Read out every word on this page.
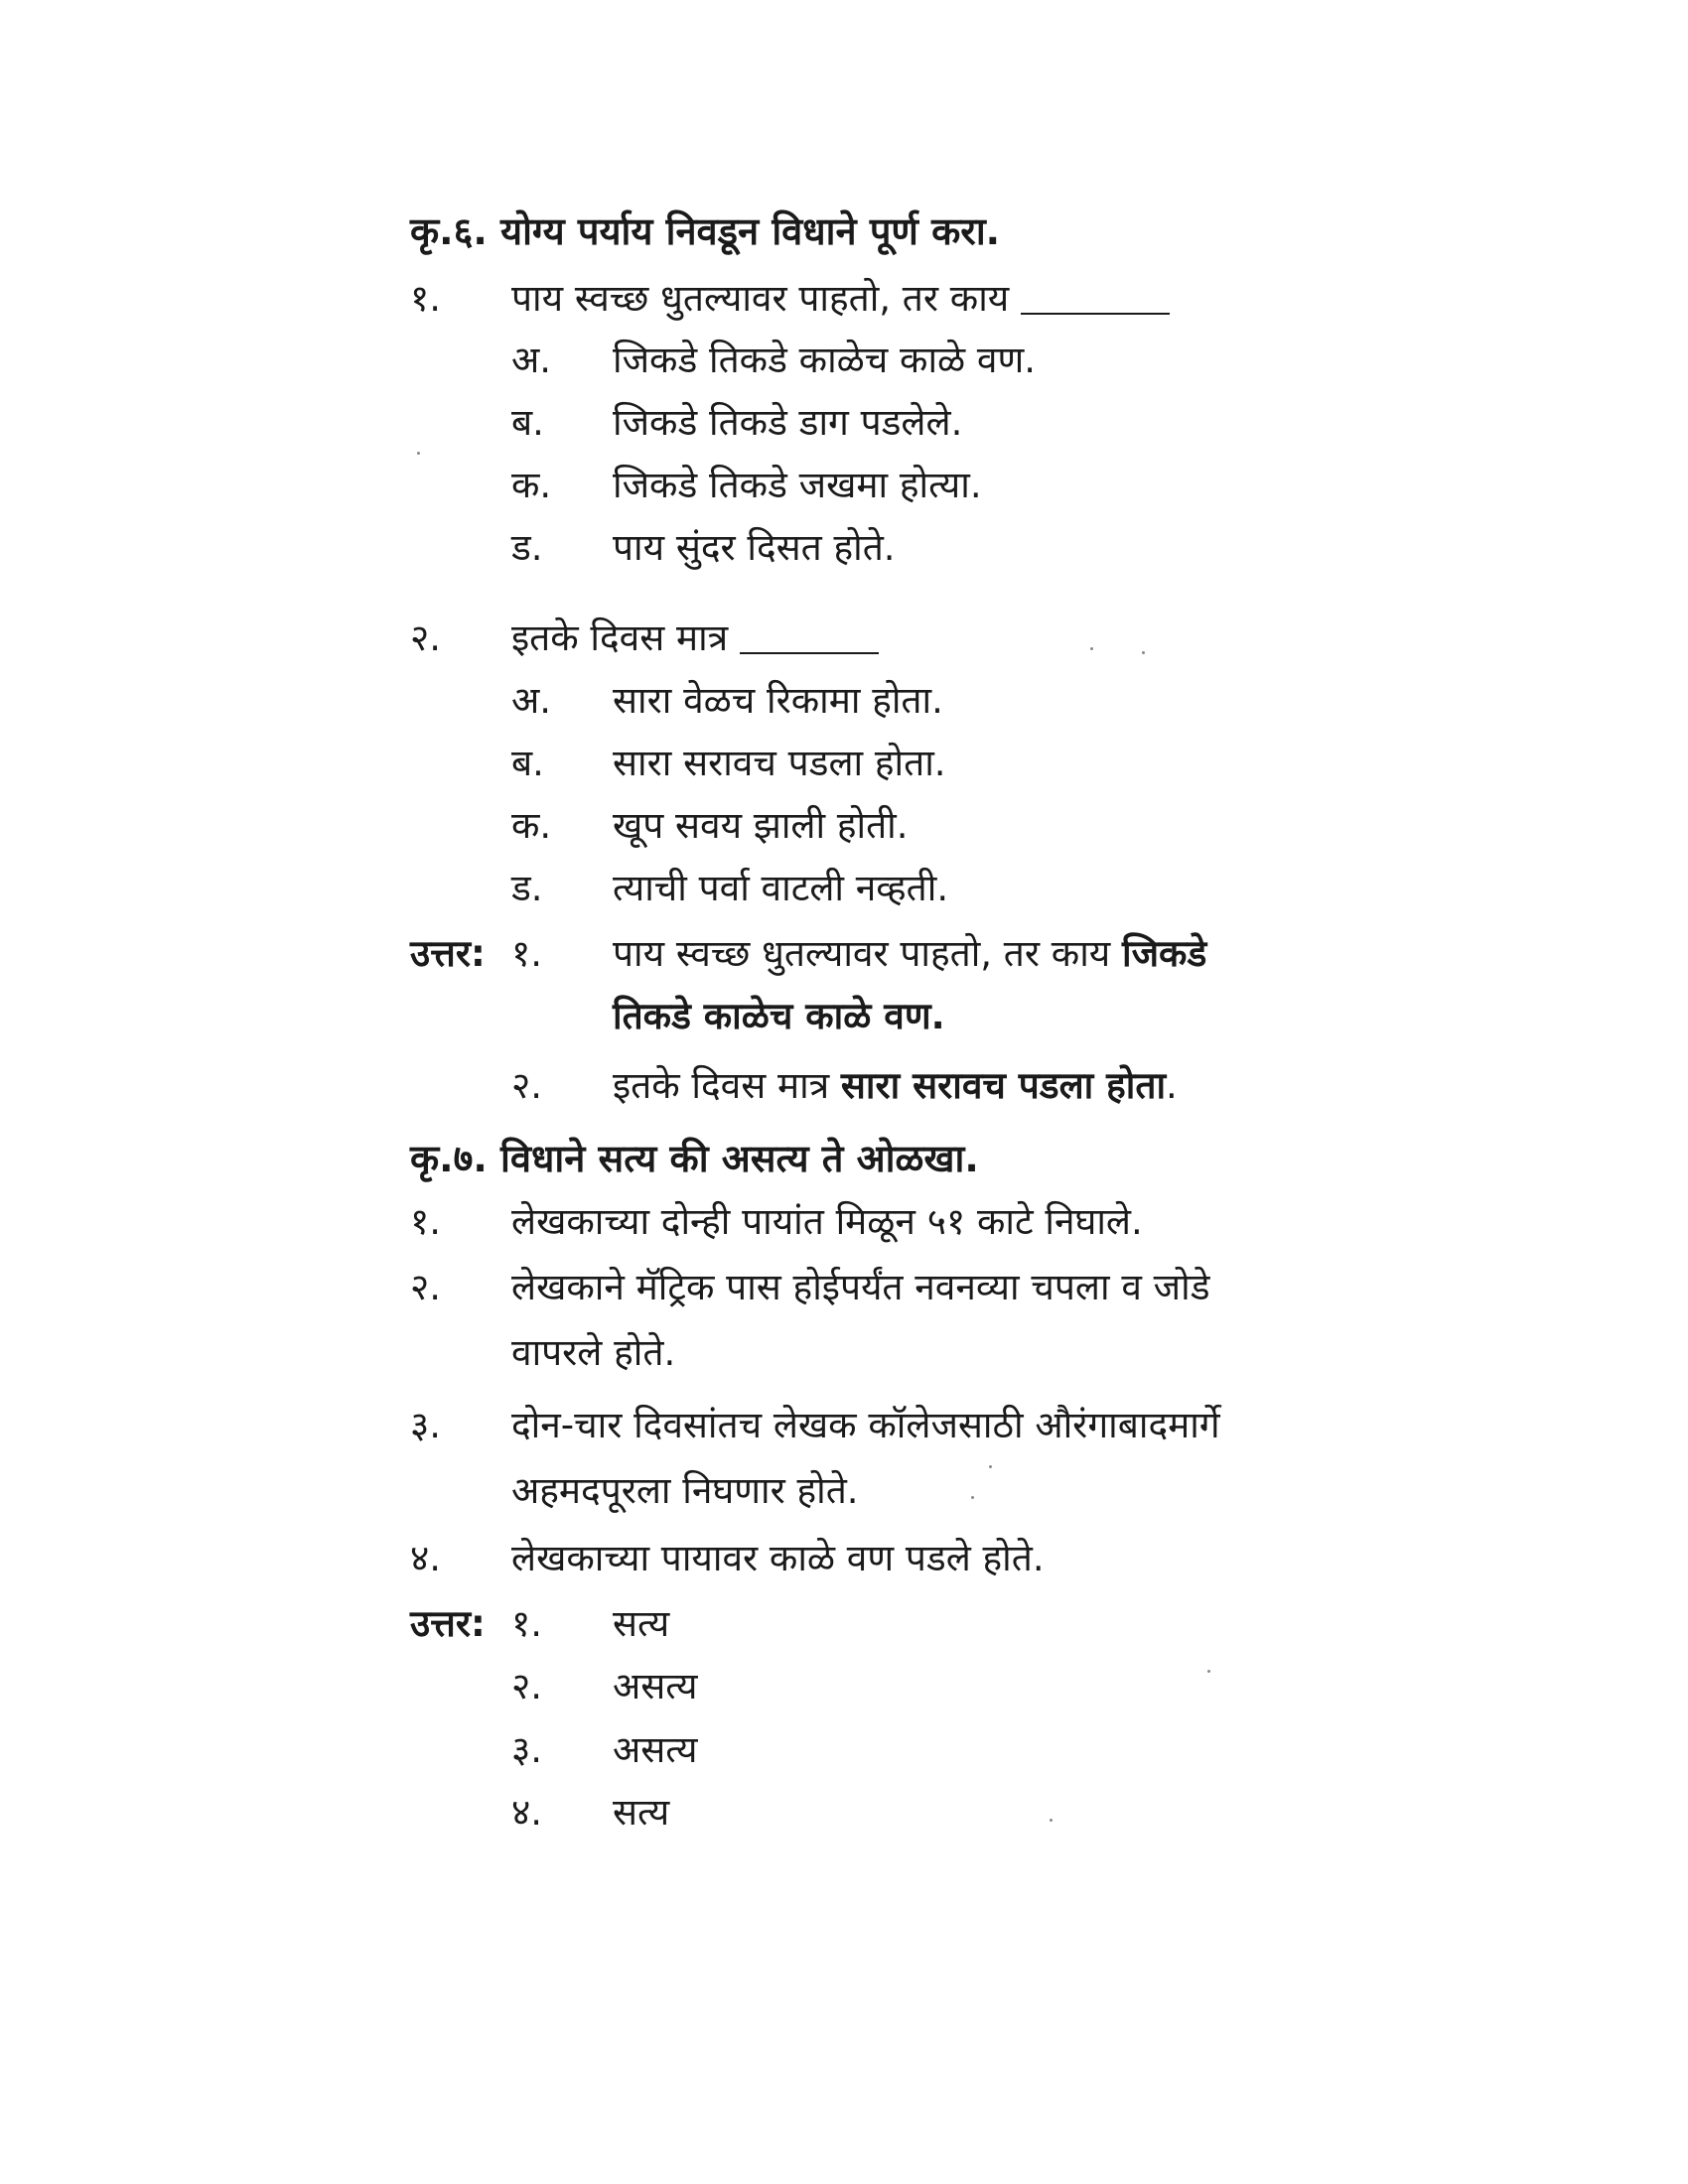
कृ.६. योग्य पर्याय निवडून विधाने पूर्ण करा.
१. पाय स्वच्छ धुतल्यावर पाहतो, तर काय
अ. जिकडे तिकडे काळेच काळे वण.
ब. जिकडे तिकडे डाग पडलेले.
क. जिकडे तिकडे जखमा होत्या.
ड. पाय सुंदर दिसत होते.
२. इतके दिवस मात्र
अ. सारा वेळच रिकामा होता.
ब. सारा सरावच पडला होता.
क. खूप सवय झाली होती.
ड. त्याची पर्वा वाटली नव्हती.
उत्तर: १. पाय स्वच्छ धुतल्यावर पाहतो, तर काय जिकडे
तिकडे काळेच काळे वण.
२. इतके दिवस मात्र सारा सरावच पडला होता.
कृ.७. विधाने सत्य की असत्य ते ओळखा.
१. लेखकाच्या दोन्ही पायांत मिळून ५१ काटे निघाले.
२. लेखकाने मॅट्रिक पास होईपर्यंत नवनव्या चपला व जोडे
वापरले होते.
३. दोन-चार दिवसांतच लेखक कॉलेजसाठी औरंगाबादमार्गे
अहमदपूरला निघणार होते.
४. लेखकाच्या पायावर काळे वण पडले होते.
उत्तर: १. सत्य
२. असत्य
३. असत्य
४. सत्य
